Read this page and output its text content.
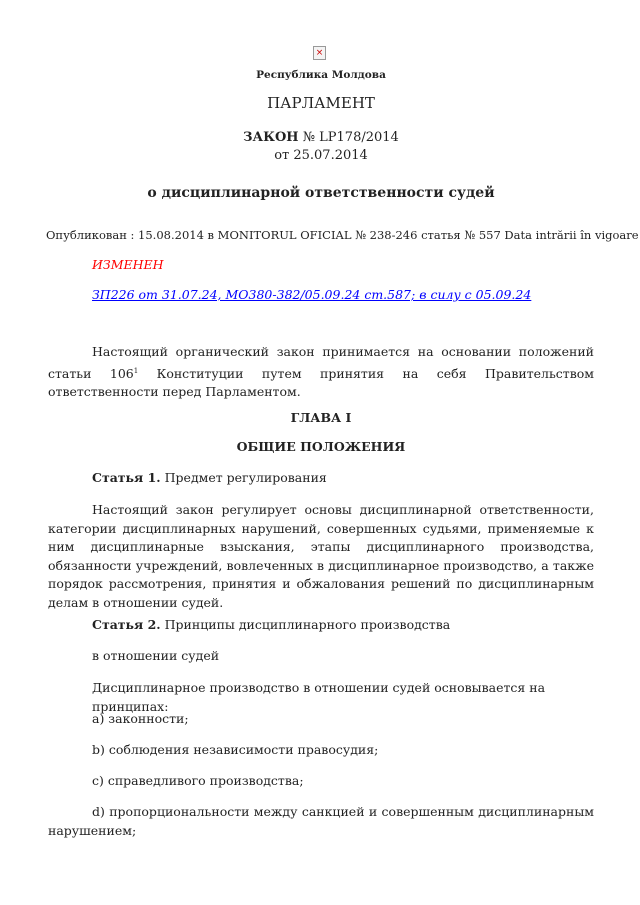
×
Республика Молдова
ПАРЛАМЕНТ
ЗАКОН № LP178/2014
от 25.07.2014
о дисциплинарной ответственности судей
Опубликован : 15.08.2014 в MONITORUL OFICIAL № 238-246 статья № 557 Data intrării în vigoare
ИЗМЕНЕН
ЗП226 от 31.07.24, МО380-382/05.09.24 ст.587; в силу с 05.09.24
Настоящий органический закон принимается на основании положений статьи $106^1$ Конституции путем принятия на себя Правительством ответственности перед Парламентом.
ГЛАВА I
ОБЩИЕ ПОЛОЖЕНИЯ
Статья 1. Предмет регулирования
Настоящий закон регулирует основы дисциплинарной ответственности, категории дисциплинарных нарушений, совершенных судьями, применяемые к ним дисциплинарные взыскания, этапы дисциплинарного производства, обязанности учреждений, вовлеченных в дисциплинарное производство, а также порядок рассмотрения, принятия и обжалования решений по дисциплинарным делам в отношении судей.
Статья 2. Принципы дисциплинарного производства
в отношении судей
Дисциплинарное производство в отношении судей основывается на принципах:
a) законности;
b) соблюдения независимости правосудия;
c) справедливого производства;
d) пропорциональности между санкцией и совершенным дисциплинарным нарушением;
